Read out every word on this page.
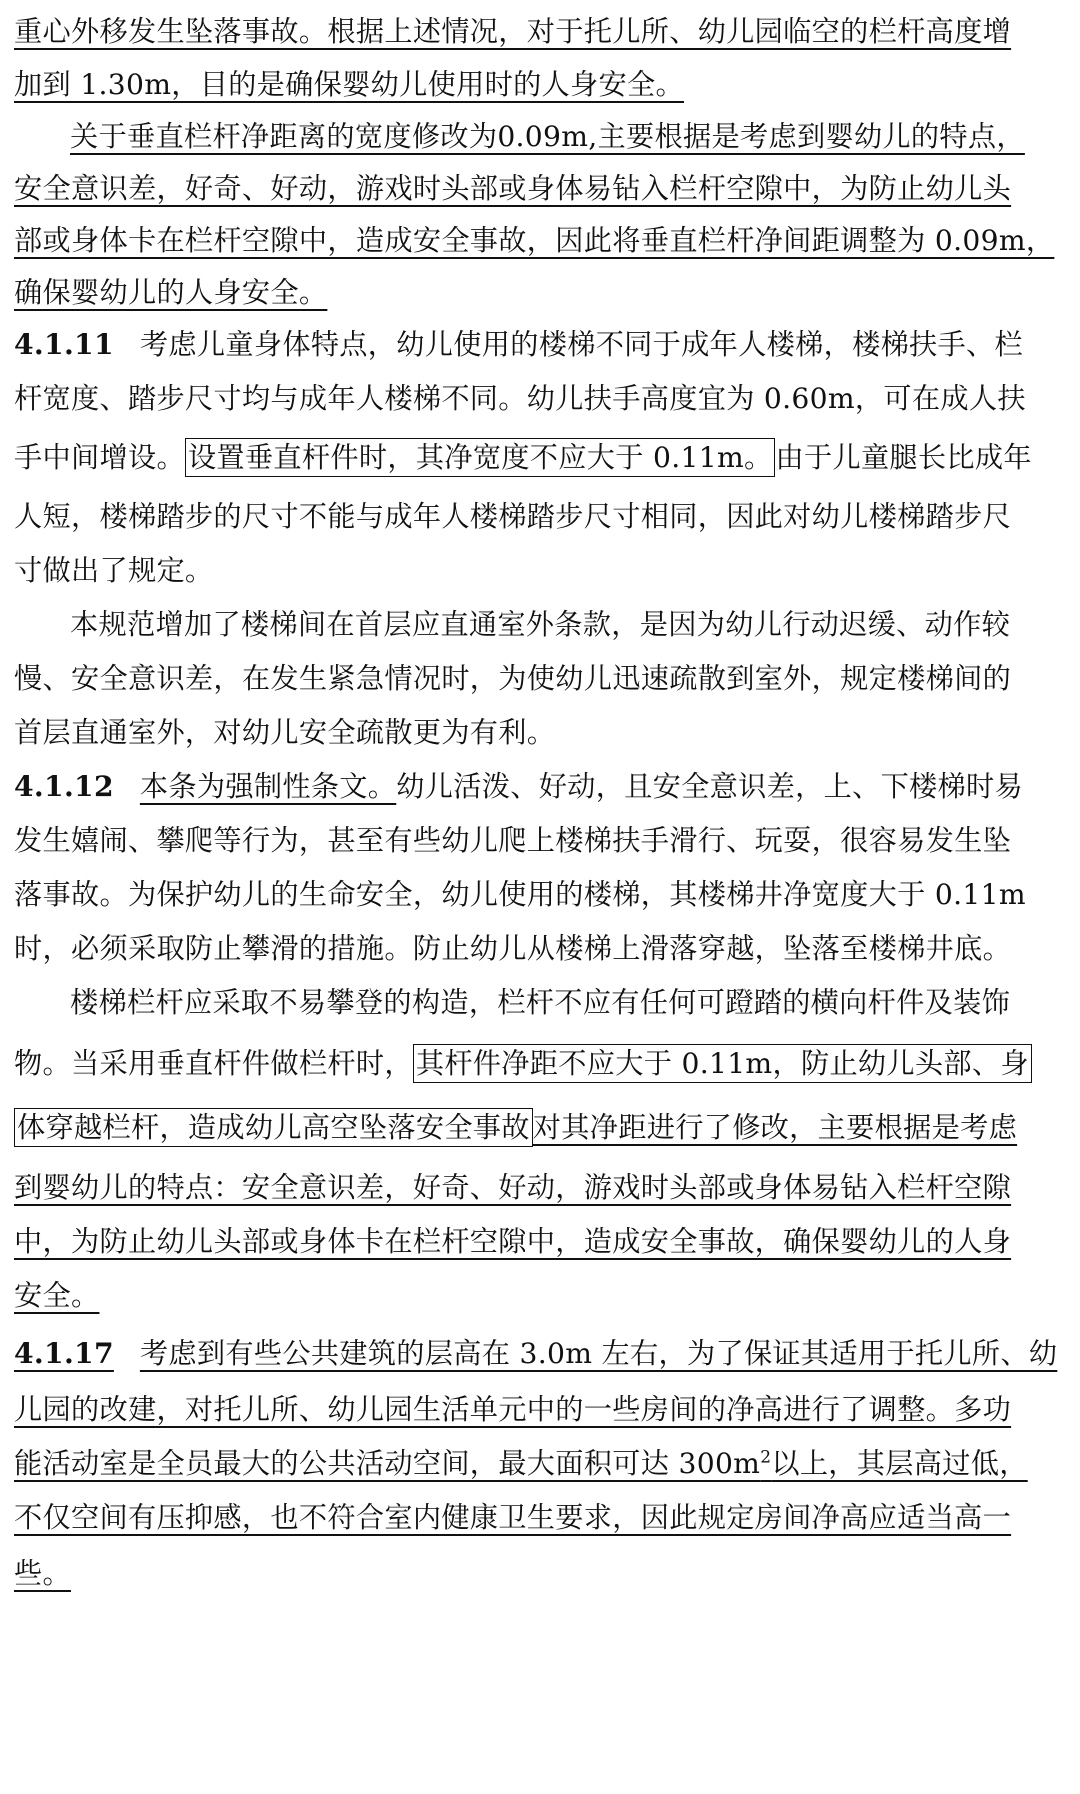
重心外移发生坠落事故。根据上述情况，对于托儿所、幼儿园临空的栏杆高度增
加到 1.30m，目的是确保婴幼儿使用时的人身安全。
关于垂直栏杆净距离的宽度修改为0.09m,主要根据是考虑到婴幼儿的特点，
安全意识差，好奇、好动，游戏时头部或身体易钻入栏杆空隙中，为防止幼儿头
部或身体卡在栏杆空隙中，造成安全事故，因此将垂直栏杆净间距调整为 0.09m，
确保婴幼儿的人身安全。
4.1.11 考虑儿童身体特点，幼儿使用的楼梯不同于成年人楼梯，楼梯扶手、栏
杆宽度、踏步尺寸均与成年人楼梯不同。幼儿扶手高度宜为 0.60m，可在成人扶
手中间增设。 设置垂直杆件时，其净宽度不应大于 0.11m。 由于儿童腿长比成年
人短，楼梯踏步的尺寸不能与成年人楼梯踏步尺寸相同，因此对幼儿楼梯踏步尺
寸做出了规定。
本规范增加了楼梯间在首层应直通室外条款，是因为幼儿行动迟缓、动作较
慢、安全意识差，在发生紧急情况时，为使幼儿迅速疏散到室外，规定楼梯间的
首层直通室外，对幼儿安全疏散更为有利。
4.1.12 本条为强制性条文。幼儿活泼、好动，且安全意识差，上、下楼梯时易
发生嬉闹、攀爬等行为，甚至有些幼儿爬上楼梯扶手滑行、玩耍，很容易发生坠
落事故。为保护幼儿的生命安全，幼儿使用的楼梯，其楼梯井净宽度大于 0.11m
时，必须采取防止攀滑的措施。防止幼儿从楼梯上滑落穿越，坠落至楼梯井底。
楼梯栏杆应采取不易攀登的构造，栏杆不应有任何可蹬踏的横向杆件及装饰
物。当采用垂直杆件做栏杆时， 其杆件净距不应大于 0.11m，防止幼儿头部、身
体穿越栏杆，造成幼儿高空坠落安全事故 对其净距进行了修改，主要根据是考虑
到婴幼儿的特点：安全意识差，好奇、好动，游戏时头部或身体易钻入栏杆空隙
中，为防止幼儿头部或身体卡在栏杆空隙中，造成安全事故，确保婴幼儿的人身
安全。
4.1.17 考虑到有些公共建筑的层高在 3.0m 左右，为了保证其适用于托儿所、幼
儿园的改建，对托儿所、幼儿园生活单元中的一些房间的净高进行了调整。多功
能活动室是全员最大的公共活动空间，最大面积可达 $300m^2$以上，其层高过低，
不仅空间有压抑感，也不符合室内健康卫生要求，因此规定房间净高应适当高一
些。
